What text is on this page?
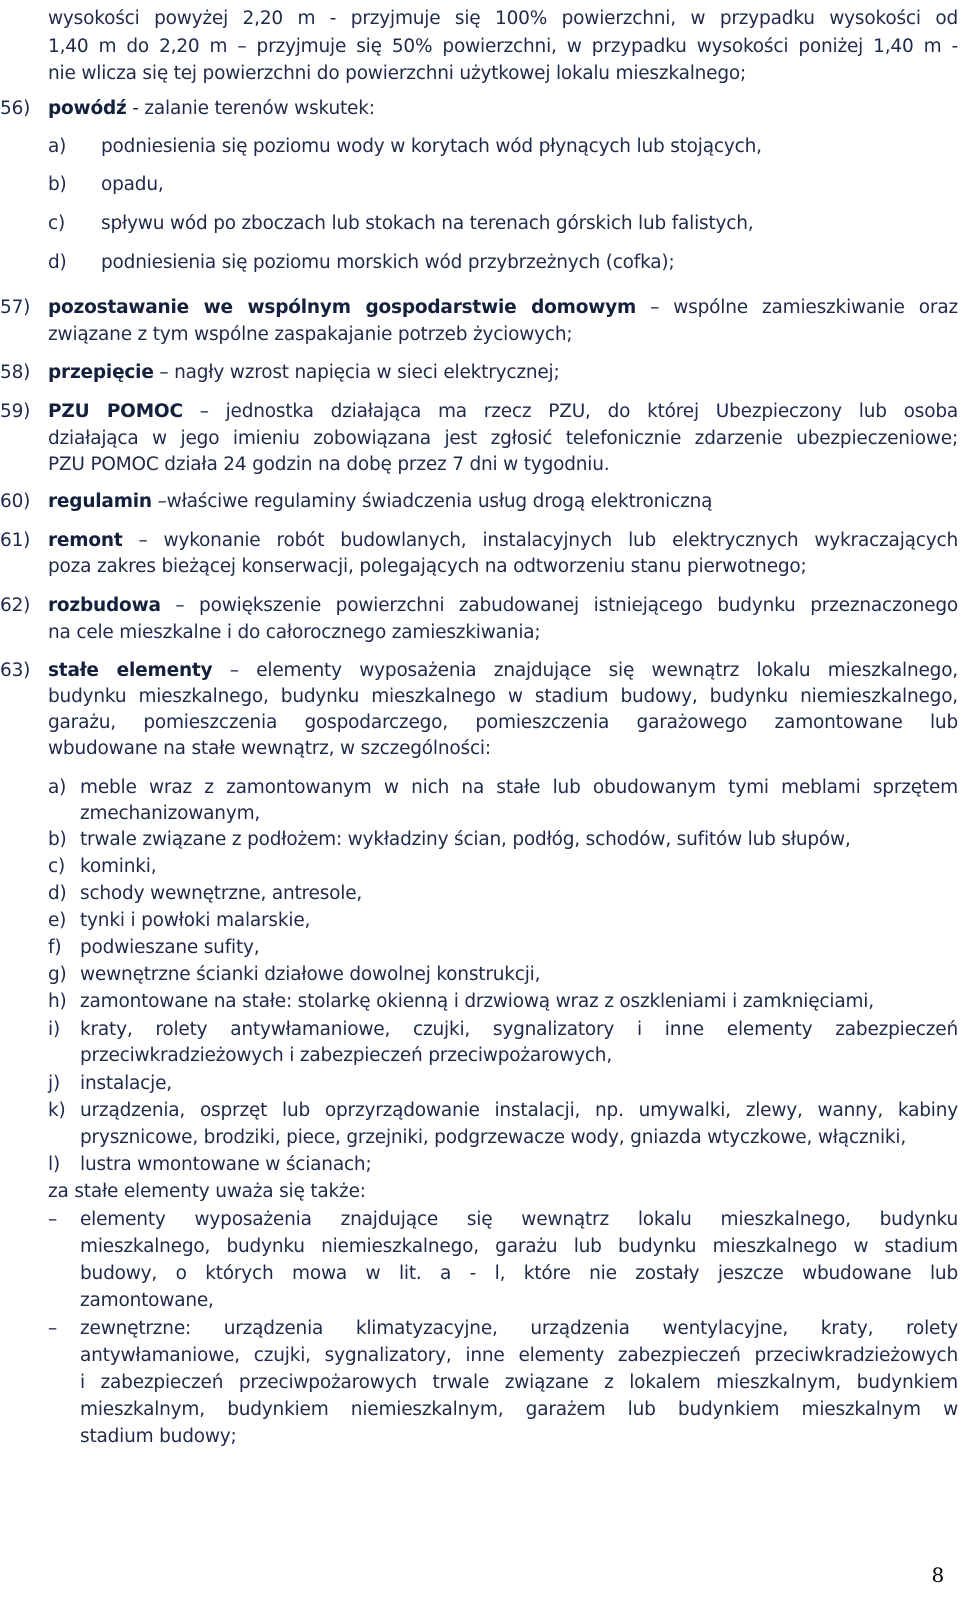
wysokości powyżej 2,20 m - przyjmuje się 100% powierzchni, w przypadku wysokości od
1,40 m do 2,20 m – przyjmuje się 50% powierzchni, w przypadku wysokości poniżej 1,40 m -
nie wlicza się tej powierzchni do powierzchni użytkowej lokalu mieszkalnego;
56) powódź - zalanie terenów wskutek:
a) podniesienia się poziomu wody w korytach wód płynących lub stojących,
b) opadu,
c) spływu wód po zboczach lub stokach na terenach górskich lub falistych,
d) podniesienia się poziomu morskich wód przybrzeżnych (cofka);
57) pozostawanie we wspólnym gospodarstwie domowym – wspólne zamieszkiwanie oraz
związane z tym wspólne zaspakajanie potrzeb życiowych;
58) przepięcie – nagły wzrost napięcia w sieci elektrycznej;
59) PZU POMOC – jednostka działająca ma rzecz PZU, do której Ubezpieczony lub osoba
działająca w jego imieniu zobowiązana jest zgłosić telefonicznie zdarzenie ubezpieczeniowe;
PZU POMOC działa 24 godzin na dobę przez 7 dni w tygodniu.
60) regulamin –właściwe regulaminy świadczenia usług drogą elektroniczną
61) remont – wykonanie robót budowlanych, instalacyjnych lub elektrycznych wykraczających
poza zakres bieżącej konserwacji, polegających na odtworzeniu stanu pierwotnego;
62) rozbudowa – powiększenie powierzchni zabudowanej istniejącego budynku przeznaczonego
na cele mieszkalne i do całorocznego zamieszkiwania;
63) stałe elementy – elementy wyposażenia znajdujące się wewnątrz lokalu mieszkalnego,
budynku mieszkalnego, budynku mieszkalnego w stadium budowy, budynku niemieszkalnego,
garażu, pomieszczenia gospodarczego, pomieszczenia garażowego zamontowane lub
wbudowane na stałe wewnątrz, w szczególności:
a) meble wraz z zamontowanym w nich na stałe lub obudowanym tymi meblami sprzętem
zmechanizowanym,
b) trwale związane z podłożem: wykładziny ścian, podłóg, schodów, sufitów lub słupów,
c) kominki,
d) schody wewnętrzne, antresole,
e) tynki i powłoki malarskie,
f)	podwieszane sufity,
g) wewnętrzne ścianki działowe dowolnej konstrukcji,
h) zamontowane na stałe: stolarkę okienną i drzwiową wraz z oszkleniami i zamknięciami,
i)	kraty, rolety antywłamaniowe, czujki, sygnalizatory i inne elementy zabezpieczeń
przeciwkradzieżowych i zabezpieczeń przeciwpożarowych,
j)	instalacje,
k) urządzenia, osprzęt lub oprzyrządowanie instalacji, np. umywalki, zlewy, wanny, kabiny
prysznicowe, brodziki, piece, grzejniki, podgrzewacze wody, gniazda wtyczkowe, włączniki,
l)	lustra wmontowane w ścianach;
za stałe elementy uważa się także:
–	elementy wyposażenia znajdujące się wewnątrz lokalu mieszkalnego, budynku
mieszkalnego, budynku niemieszkalnego, garażu lub budynku mieszkalnego w stadium
budowy, o których mowa w lit. a - l, które nie zostały jeszcze wbudowane lub
zamontowane,
–	zewnętrzne: urządzenia klimatyzacyjne, urządzenia wentylacyjne, kraty, rolety
antywłamaniowe, czujki, sygnalizatory, inne elementy zabezpieczeń przeciwkradzieżowych
i zabezpieczeń przeciwpożarowych trwale związane z lokalem mieszkalnym, budynkiem
mieszkalnym, budynkiem niemieszkalnym, garażem lub budynkiem mieszkalnym w
stadium budowy;
8
